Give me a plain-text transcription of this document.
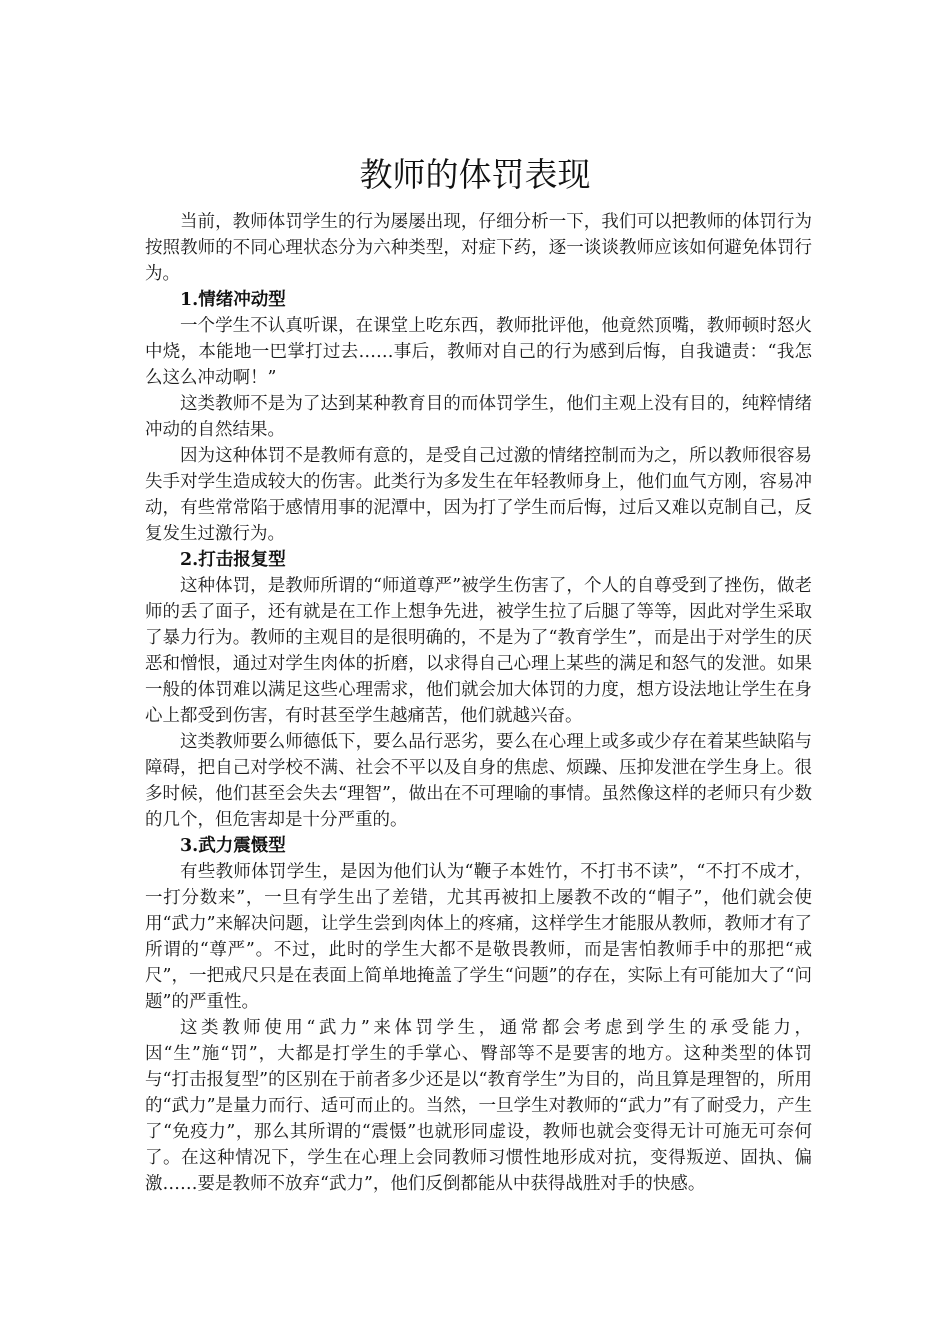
教师的体罚表现

当前，教师体罚学生的行为屡屡出现，仔细分析一下，我们可以把教师的体罚行为按照教师的不同心理状态分为六种类型，对症下药，逐一谈谈教师应该如何避免体罚行为。

1.情绪冲动型

一个学生不认真听课，在课堂上吃东西，教师批评他，他竟然顶嘴，教师顿时怒火中烧，本能地一巴掌打过去……事后，教师对自己的行为感到后悔，自我谴责：“我怎么这么冲动啊！”

这类教师不是为了达到某种教育目的而体罚学生，他们主观上没有目的，纯粹情绪冲动的自然结果。

因为这种体罚不是教师有意的，是受自己过激的情绪控制而为之，所以教师很容易失手对学生造成较大的伤害。此类行为多发生在年轻教师身上，他们血气方刚，容易冲动，有些常常陷于感情用事的泥潭中，因为打了学生而后悔，过后又难以克制自己，反复发生过激行为。

2.打击报复型

这种体罚，是教师所谓的“师道尊严”被学生伤害了，个人的自尊受到了挫伤，做老师的丢了面子，还有就是在工作上想争先进，被学生拉了后腿了等等，因此对学生采取了暴力行为。教师的主观目的是很明确的，不是为了“教育学生”，而是出于对学生的厌恶和憎恨，通过对学生肉体的折磨，以求得自己心理上某些的满足和怒气的发泄。如果一般的体罚难以满足这些心理需求，他们就会加大体罚的力度，想方设法地让学生在身心上都受到伤害，有时甚至学生越痛苦，他们就越兴奋。

这类教师要么师德低下，要么品行恶劣，要么在心理上或多或少存在着某些缺陷与障碍，把自己对学校不满、社会不平以及自身的焦虑、烦躁、压抑发泄在学生身上。很多时候，他们甚至会失去“理智”，做出在不可理喻的事情。虽然像这样的老师只有少数的几个，但危害却是十分严重的。

3.武力震慑型

有些教师体罚学生，是因为他们认为“鞭子本姓竹，不打书不读”，“不打不成才，一打分数来”，一旦有学生出了差错，尤其再被扣上屡教不改的“帽子”，他们就会使用“武力”来解决问题，让学生尝到肉体上的疼痛，这样学生才能服从教师，教师才有了所谓的“尊严”。不过，此时的学生大都不是敬畏教师，而是害怕教师手中的那把“戒尺”，一把戒尺只是在表面上简单地掩盖了学生“问题”的存在，实际上有可能加大了“问题”的严重性。

这类教师使用“武力”来体罚学生，通常都会考虑到学生的承受能力，因“生”施“罚”，大都是打学生的手掌心、臀部等不是要害的地方。这种类型的体罚与“打击报复型”的区别在于前者多少还是以“教育学生”为目的，尚且算是理智的，所用的“武力”是量力而行、适可而止的。当然，一旦学生对教师的“武力”有了耐受力，产生了“免疫力”，那么其所谓的“震慑”也就形同虚设，教师也就会变得无计可施无可奈何了。在这种情况下，学生在心理上会同教师习惯性地形成对抗，变得叛逆、固执、偏激……要是教师不放弃“武力”，他们反倒都能从中获得战胜对手的快感。
